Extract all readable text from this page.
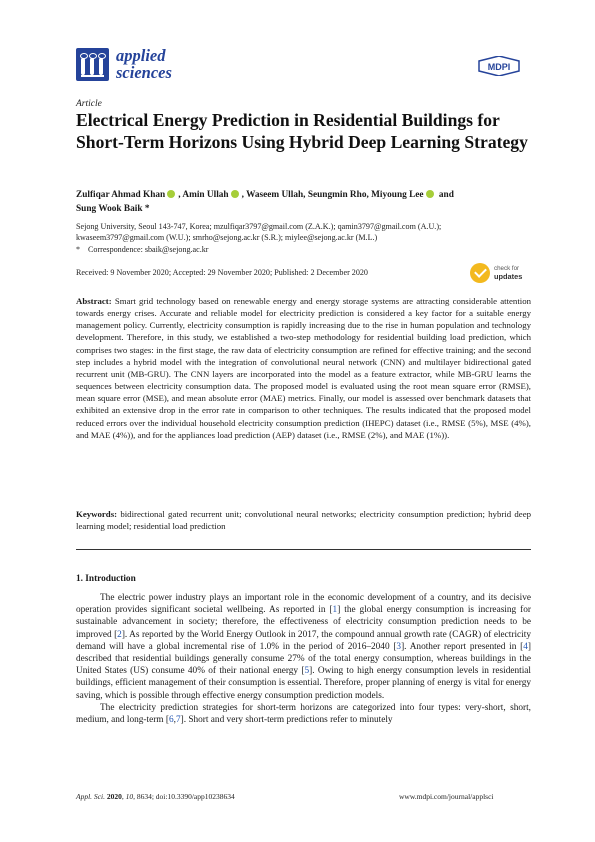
applied
sciences	MDPI
Article
Electrical Energy Prediction in Residential Buildings for Short-Term Horizons Using Hybrid Deep Learning Strategy
Zulfiqar Ahmad Khan , Amin Ullah , Waseem Ullah, Seungmin Rho, Miyoung Lee and
Sung Wook Baik *
Sejong University, Seoul 143-747, Korea; mzulfiqar3797@gmail.com (Z.A.K.); qamin3797@gmail.com (A.U.); kwaseem3797@gmail.com (W.U.); smrho@sejong.ac.kr (S.R.); miylee@sejong.ac.kr (M.L.)
* Correspondence: sbaik@sejong.ac.kr
Received: 9 November 2020; Accepted: 29 November 2020; Published: 2 December 2020	check for
updates
Abstract: Smart grid technology based on renewable energy and energy storage systems are attracting considerable attention towards energy crises. Accurate and reliable model for electricity prediction is considered a key factor for a suitable energy management policy. Currently, electricity consumption is rapidly increasing due to the rise in human population and technology development. Therefore, in this study, we established a two-step methodology for residential building load prediction, which comprises two stages: in the first stage, the raw data of electricity consumption are refined for effective training; and the second step includes a hybrid model with the integration of convolutional neural network (CNN) and multilayer bidirectional gated recurrent unit (MB-GRU). The CNN layers are incorporated into the model as a feature extractor, while MB-GRU learns the sequences between electricity consumption data. The proposed model is evaluated using the root mean square error (RMSE), mean square error (MSE), and mean absolute error (MAE) metrics. Finally, our model is assessed over benchmark datasets that exhibited an extensive drop in the error rate in comparison to other techniques. The results indicated that the proposed model reduced errors over the individual household electricity consumption prediction (IHEPC) dataset (i.e., RMSE (5%), MSE (4%), and MAE (4%)), and for the appliances load prediction (AEP) dataset (i.e., RMSE (2%), and MAE (1%)).
Keywords: bidirectional gated recurrent unit; convolutional neural networks; electricity consumption prediction; hybrid deep learning model; residential load prediction
1. Introduction

The electric power industry plays an important role in the economic development of a country, and its decisive operation provides significant societal wellbeing. As reported in [1] the global energy consumption is increasing for sustainable advancement in society; therefore, the effectiveness of electricity consumption prediction needs to be improved [2]. As reported by the World Energy Outlook in 2017, the compound annual growth rate (CAGR) of electricity demand will have a global incremental rise of 1.0% in the period of 2016–2040 [3]. Another report presented in [4] described that residential buildings generally consume 27% of the total energy consumption, whereas buildings in the United States (US) consume 40% of their national energy [5]. Owing to high energy consumption levels in residential buildings, efficient management of their consumption is essential. Therefore, proper planning of energy is vital for energy saving, which is possible through effective energy consumption prediction models.

The electricity prediction strategies for short-term horizons are categorized into four types: very-short, short, medium, and long-term [6,7]. Short and very short-term predictions refer to minutely

Appl. Sci. 2020, 10, 8634; doi:10.3390/app10238634	www.mdpi.com/journal/applsci
